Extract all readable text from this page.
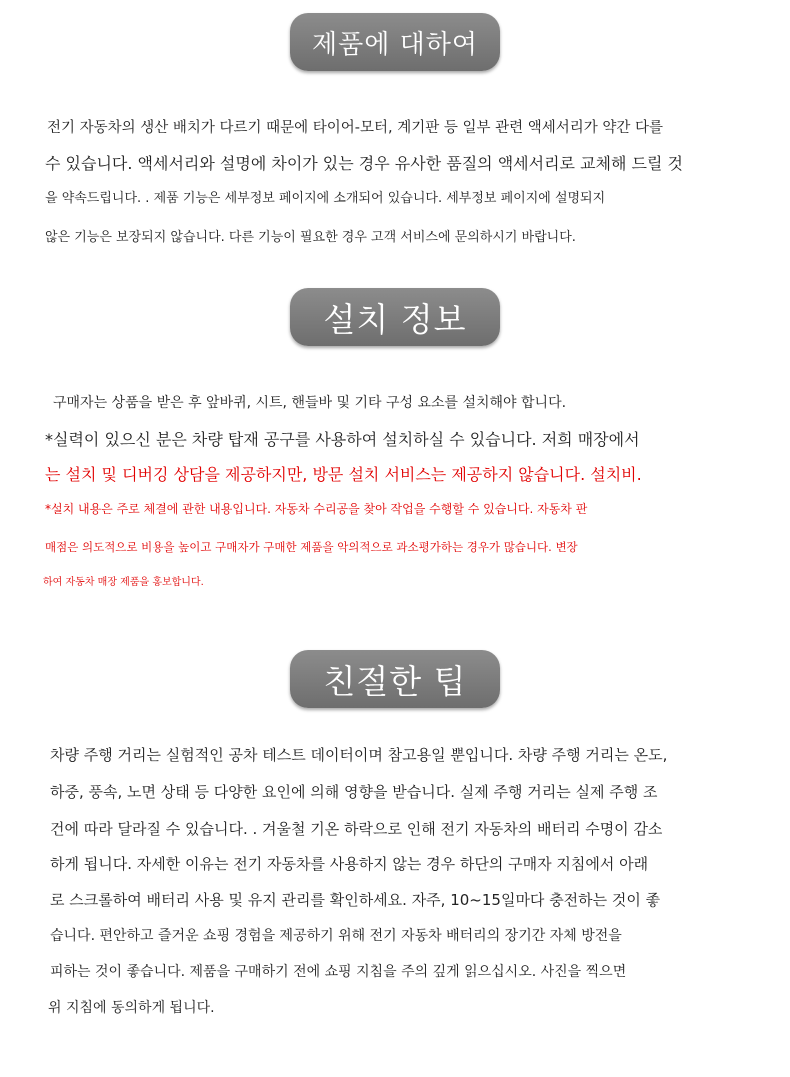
제품에 대하여
전기 자동차의 생산 배치가 다르기 때문에 타이어-모터, 계기판 등 일부 관련 액세서리가 약간 다를
수 있습니다. 액세서리와 설명에 차이가 있는 경우 유사한 품질의 액세서리로 교체해 드릴 것
을 약속드립니다. . 제품 기능은 세부정보 페이지에 소개되어 있습니다. 세부정보 페이지에 설명되지
않은 기능은 보장되지 않습니다. 다른 기능이 필요한 경우 고객 서비스에 문의하시기 바랍니다.
설치 정보
구매자는 상품을 받은 후 앞바퀴, 시트, 핸들바 및 기타 구성 요소를 설치해야 합니다.
*실력이 있으신 분은 차량 탑재 공구를 사용하여 설치하실 수 있습니다. 저희 매장에서
는 설치 및 디버깅 상담을 제공하지만, 방문 설치 서비스는 제공하지 않습니다. 설치비.
*설치 내용은 주로 체결에 관한 내용입니다. 자동차 수리공을 찾아 작업을 수행할 수 있습니다. 자동차 판
매점은 의도적으로 비용을 높이고 구매자가 구매한 제품을 악의적으로 과소평가하는 경우가 많습니다. 변장
하여 자동차 매장 제품을 홍보합니다.
친절한 팁
차량 주행 거리는 실험적인 공차 테스트 데이터이며 참고용일 뿐입니다. 차량 주행 거리는 온도,
하중, 풍속, 노면 상태 등 다양한 요인에 의해 영향을 받습니다. 실제 주행 거리는 실제 주행 조
건에 따라 달라질 수 있습니다. . 겨울철 기온 하락으로 인해 전기 자동차의 배터리 수명이 감소
하게 됩니다. 자세한 이유는 전기 자동차를 사용하지 않는 경우 하단의 구매자 지침에서 아래
로 스크롤하여 배터리 사용 및 유지 관리를 확인하세요. 자주, 10~15일마다 충전하는 것이 좋
습니다. 편안하고 즐거운 쇼핑 경험을 제공하기 위해 전기 자동차 배터리의 장기간 자체 방전을
피하는 것이 좋습니다. 제품을 구매하기 전에 쇼핑 지침을 주의 깊게 읽으십시오. 사진을 찍으면
위 지침에 동의하게 됩니다.
